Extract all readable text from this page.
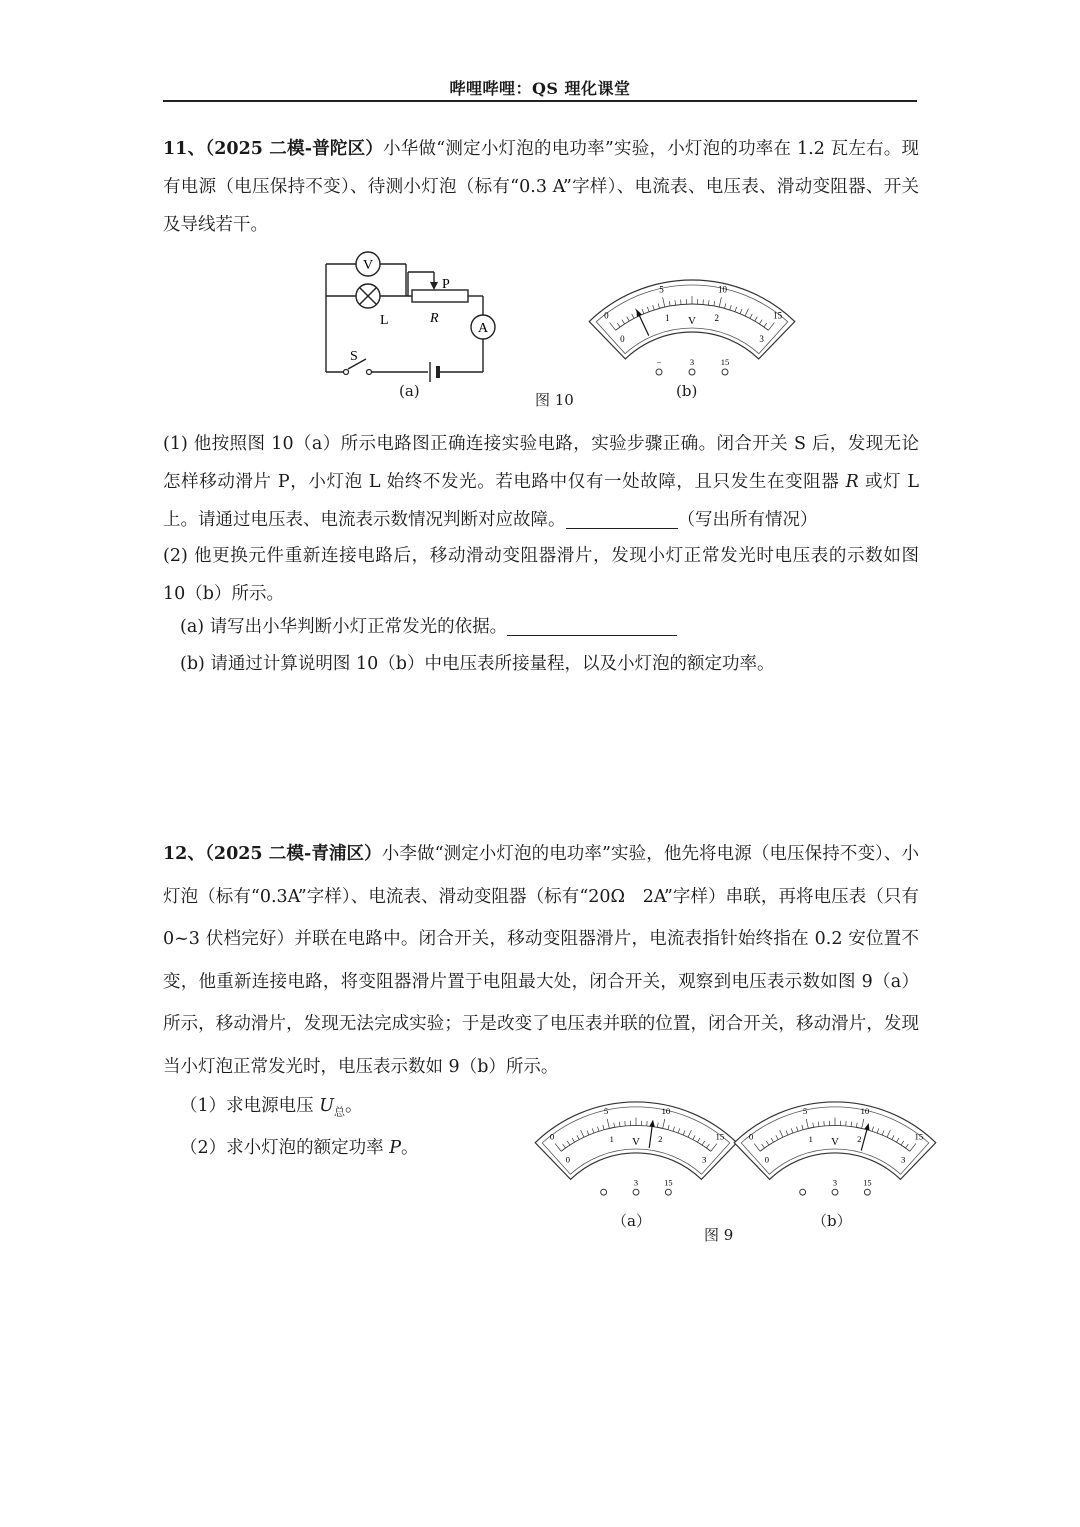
哔哩哔哩：QS 理化课堂
11、（2025 二模-普陀区）小华做“测定小灯泡的电功率”实验，小灯泡的功率在 1.2 瓦左右。现有电源（电压保持不变）、待测小灯泡（标有“0.3 A”字样）、电流表、电压表、滑动变阻器、开关及导线若干。
V
L	R
P
A
S
(a)	图 10
0
5	10
15
0
1	2
3
V
−	3	15
(b)
(1) 他按照图 10（a）所示电路图正确连接实验电路，实验步骤正确。闭合开关 S 后，发现无论怎样移动滑片 P，小灯泡 L 始终不发光。若电路中仅有一处故障，且只发生在变阻器 R 或灯 L 上。请通过电压表、电流表示数情况判断对应故障。	（写出所有情况）
(2) 他更换元件重新连接电路后，移动滑动变阻器滑片，发现小灯正常发光时电压表的示数如图 10（b）所示。
(a) 请写出小华判断小灯正常发光的依据。
(b) 请通过计算说明图 10（b）中电压表所接量程，以及小灯泡的额定功率。
12、（2025 二模-青浦区）小李做“测定小灯泡的电功率”实验，他先将电源（电压保持不变）、小灯泡（标有“0.3A”字样）、电流表、滑动变阻器（标有“20Ω　2A”字样）串联，再将电压表（只有 0~3 伏档完好）并联在电路中。闭合开关，移动变阻器滑片，电流表指针始终指在 0.2 安位置不变，他重新连接电路，将变阻器滑片置于电阻最大处，闭合开关，观察到电压表示数如图 9（a）所示，移动滑片，发现无法完成实验；于是改变了电压表并联的位置，闭合开关，移动滑片，发现当小灯泡正常发光时，电压表示数如 9（b）所示。
（1）求电源电压 $U_总$。
（2）求小灯泡的额定功率 P。
0
5	10
15
0
1	2
3
V
3	15
0
5	10
15
0
1	2
3
V
3	15
（a）	（b）
图 9
